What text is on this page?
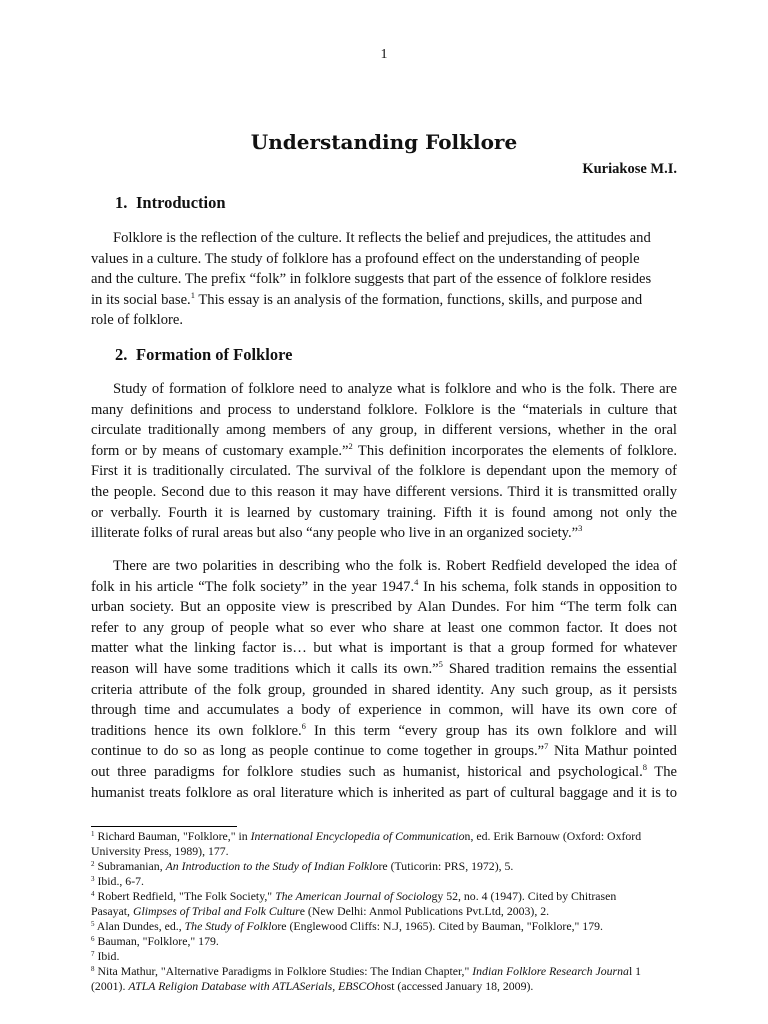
1
Understanding Folklore
Kuriakose M.I.
1. Introduction
Folklore is the reflection of the culture. It reflects the belief and prejudices, the attitudes and
values in a culture. The study of folklore has a profound effect on the understanding of people
and the culture. The prefix “folk” in folklore suggests that part of the essence of folklore resides
in its social base.$^1$ This essay is an analysis of the formation, functions, skills, and purpose and
role of folklore.
2. Formation of Folklore
Study of formation of folklore need to analyze what is folklore and who is the folk. There are
many definitions and process to understand folklore. Folklore is the “materials in culture that
circulate traditionally among members of any group, in different versions, whether in the oral
form or by means of customary example.”$^2$ This definition incorporates the elements of folklore.
First it is traditionally circulated. The survival of the folklore is dependant upon the memory of
the people. Second due to this reason it may have different versions. Third it is transmitted orally
or verbally. Fourth it is learned by customary training. Fifth it is found among not only the
illiterate folks of rural areas but also “any people who live in an organized society.”$^3$
There are two polarities in describing who the folk is. Robert Redfield developed the idea of
folk in his article “The folk society” in the year 1947.$^4$ In his schema, folk stands in opposition to
urban society. But an opposite view is prescribed by Alan Dundes. For him “The term folk can
refer to any group of people what so ever who share at least one common factor. It does not
matter what the linking factor is… but what is important is that a group formed for whatever
reason will have some traditions which it calls its own.”$^5$ Shared tradition remains the essential
criteria attribute of the folk group, grounded in shared identity. Any such group, as it persists
through time and accumulates a body of experience in common, will have its own core of
traditions hence its own folklore.$^6$ In this term “every group has its own folklore and will
continue to do so as long as people continue to come together in groups.”$^7$ Nita Mathur pointed
out three paradigms for folklore studies such as humanist, historical and psychological.$^8$ The
humanist treats folklore as oral literature which is inherited as part of cultural baggage and it is to
$^1$ Richard Bauman, "Folklore," in International Encyclopedia of Communication, ed. Erik Barnouw (Oxford: Oxford
University Press, 1989), 177.
$^2$ Subramanian, An Introduction to the Study of Indian Folklore (Tuticorin: PRS, 1972), 5.
$^3$ Ibid., 6-7.
$^4$ Robert Redfield, "The Folk Society," The American Journal of Sociology 52, no. 4 (1947). Cited by Chitrasen
Pasayat, Glimpses of Tribal and Folk Culture (New Delhi: Anmol Publications Pvt.Ltd, 2003), 2.
$^5$ Alan Dundes, ed., The Study of Folklore (Englewood Cliffs: N.J, 1965). Cited by Bauman, "Folklore," 179.
$^6$ Bauman, "Folklore," 179.
$^7$ Ibid.
$^8$ Nita Mathur, "Alternative Paradigms in Folklore Studies: The Indian Chapter," Indian Folklore Research Journal 1
(2001). ATLA Religion Database with ATLASerials, EBSCOhost (accessed January 18, 2009).
